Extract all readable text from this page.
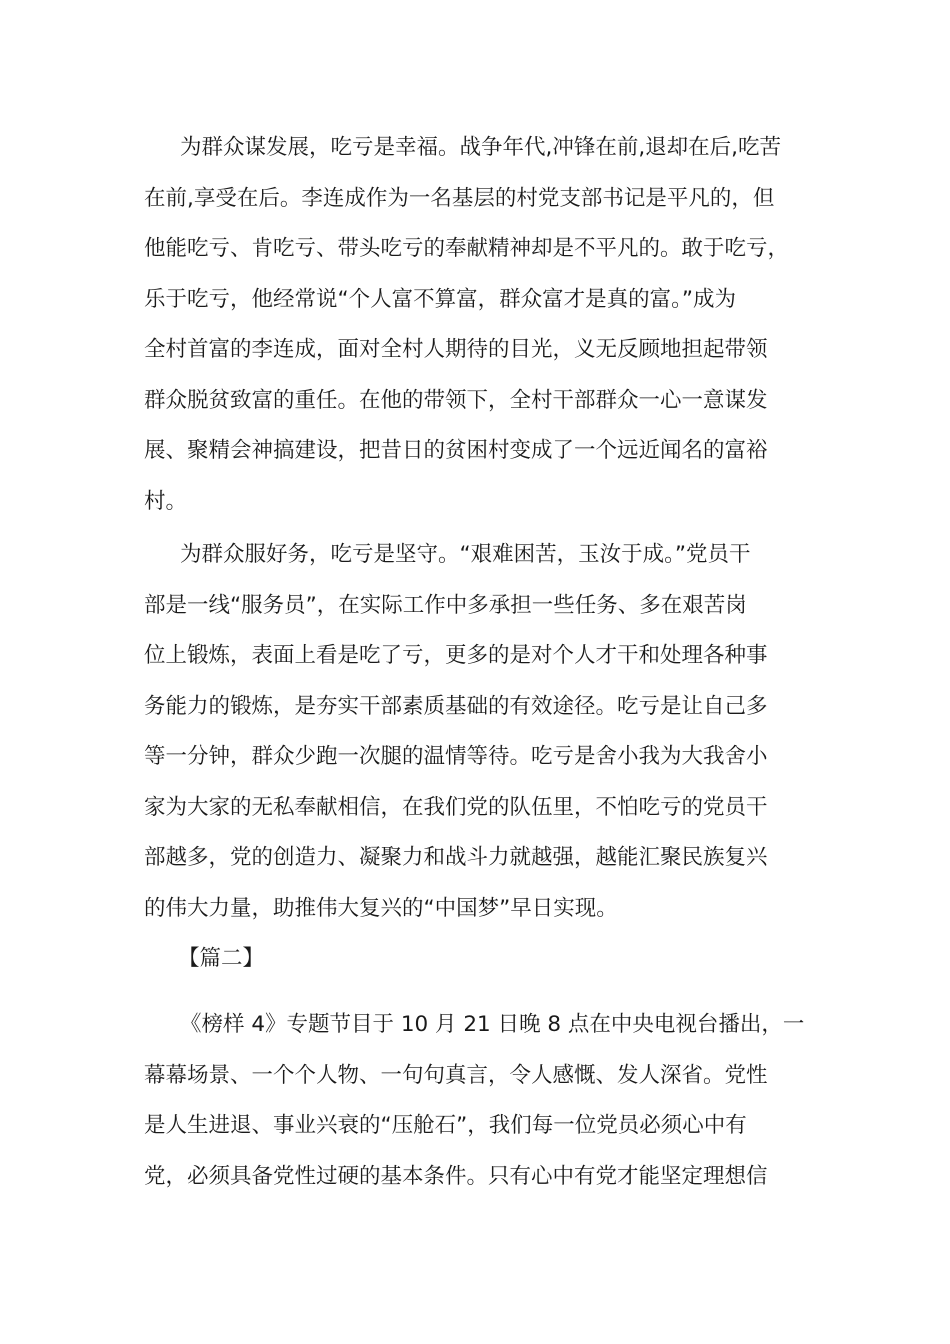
为群众谋发展，吃亏是幸福。战争年代,冲锋在前,退却在后,吃苦
在前,享受在后。李连成作为一名基层的村党支部书记是平凡的，但
他能吃亏、肯吃亏、带头吃亏的奉献精神却是不平凡的。敢于吃亏，
乐于吃亏，他经常说“个人富不算富，群众富才是真的富。”成为
全村首富的李连成，面对全村人期待的目光，义无反顾地担起带领
群众脱贫致富的重任。在他的带领下，全村干部群众一心一意谋发
展、聚精会神搞建设，把昔日的贫困村变成了一个远近闻名的富裕
村。
为群众服好务，吃亏是坚守。“艰难困苦，玉汝于成。”党员干
部是一线“服务员”，在实际工作中多承担一些任务、多在艰苦岗
位上锻炼，表面上看是吃了亏，更多的是对个人才干和处理各种事
务能力的锻炼，是夯实干部素质基础的有效途径。吃亏是让自己多
等一分钟，群众少跑一次腿的温情等待。吃亏是舍小我为大我舍小
家为大家的无私奉献相信，在我们党的队伍里，不怕吃亏的党员干
部越多，党的创造力、凝聚力和战斗力就越强，越能汇聚民族复兴
的伟大力量，助推伟大复兴的“中国梦”早日实现。
【篇二】
《榜样 4》专题节目于 10 月 21 日晚 8 点在中央电视台播出，一
幕幕场景、一个个人物、一句句真言，令人感慨、发人深省。党性
是人生进退、事业兴衰的“压舱石”，我们每一位党员必须心中有
党，必须具备党性过硬的基本条件。只有心中有党才能坚定理想信
